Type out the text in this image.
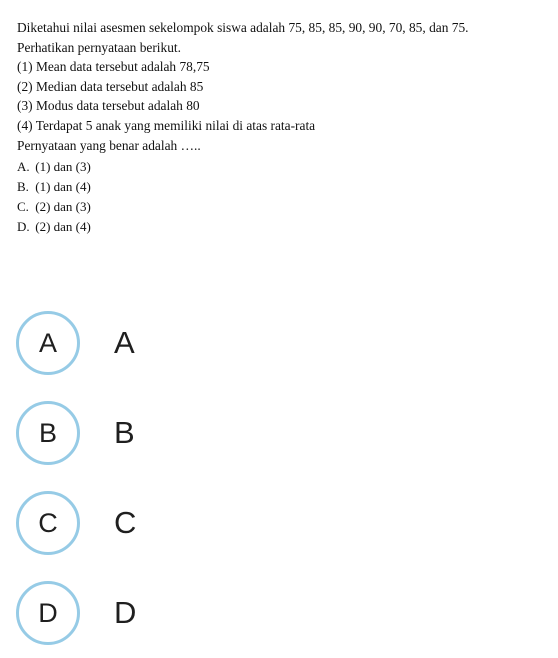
Diketahui nilai asesmen sekelompok siswa adalah 75, 85, 85, 90, 90, 70, 85, dan 75.
Perhatikan pernyataan berikut.
(1) Mean data tersebut adalah 78,75
(2) Median data tersebut adalah 85
(3) Modus data tersebut adalah 80
(4) Terdapat 5 anak yang memiliki nilai di atas rata-rata
Pernyataan yang benar adalah …..
A. (1) dan (3)
B. (1) dan (4)
C. (2) dan (3)
D. (2) dan (4)
A	A
B	B
C	C
D	D
